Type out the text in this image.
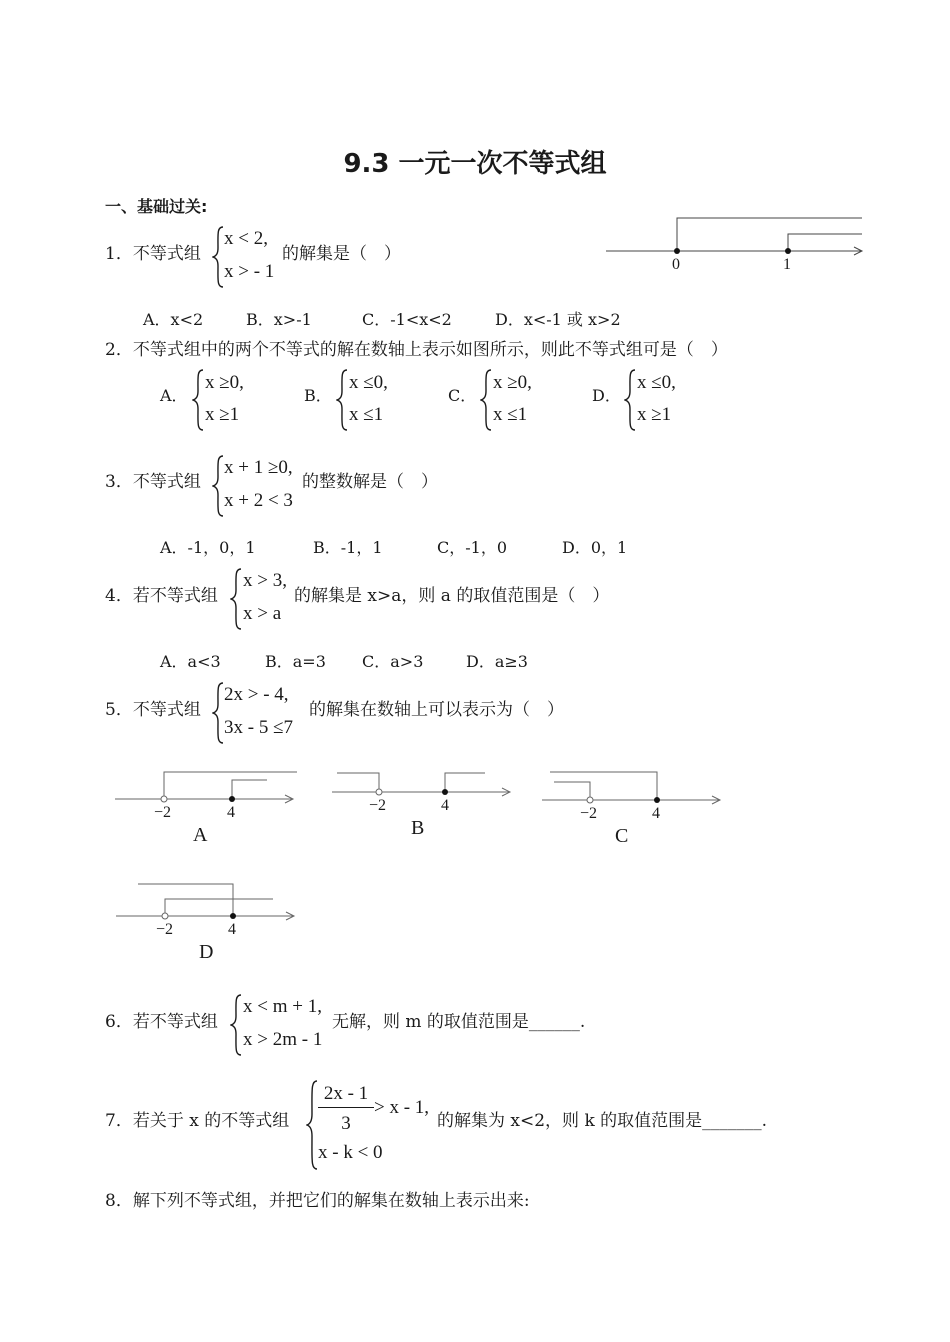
9.3 一元一次不等式组
一、基础过关:
1．不等式组
x < 2,
x > - 1
的解集是（　）
0	1
A．x<2	B．x>-1	C．-1<x<2	D．x<-1 或 x>2
2．不等式组中的两个不等式的解在数轴上表示如图所示，则此不等式组可是（　）
A．
x ≥0,
x ≥1
B．
x ≤0,
x ≤1
C．
x ≥0,
x ≤1
D．
x ≤0,
x ≥1
3．不等式组
x + 1 ≥0,
x + 2 < 3
的整数解是（　）
A．-1，0，1	B．-1，1	C，-1，0	D．0，1
4．若不等式组
x > 3,
x > a
的解集是 x>a，则 a 的取值范围是（　）
A．a<3	B．a=3 C．a>3	D．a≥3
5．不等式组
2x > - 4,
3x - 5 ≤7
的解集在数轴上可以表示为（　）
−2	4
A
−2	4
B
−2	4
C
−2	4
D
6．若不等式组
x < m + 1,
x > 2m - 1
无解，则 m 的取值范围是______.
7．若关于 x 的不等式组
2x - 1
3
> x - 1,
x - k < 0
的解集为 x<2，则 k 的取值范围是_______.
8．解下列不等式组，并把它们的解集在数轴上表示出来:
